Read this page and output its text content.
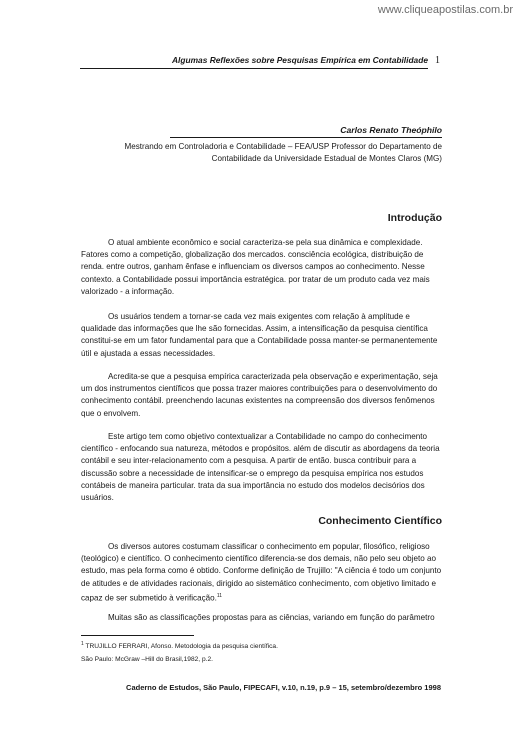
www.cliqueapostilas.com.br
Algumas Reflexões sobre Pesquisas Empírica em Contabilidade 1
Carlos Renato Theóphilo
Mestrando em Controladoria e Contabilidade – FEA/USP Professor do Departamento de
Contabilidade da Universidade Estadual de Montes Claros (MG)
Introdução
O atual ambiente econômico e social caracteriza-se pela sua dinâmica e complexidade.
Fatores como a competição, globalização dos mercados. consciência ecológica, distribuição de
renda. entre outros, ganham ênfase e influenciam os diversos campos ao conhecimento. Nesse
contexto. a Contabilidade possui importância estratégica. por tratar de um produto cada vez mais
valorizado - a informação.
Os usuários tendem a tornar-se cada vez mais exigentes com relação à amplitude e
qualidade das informações que lhe são fornecidas. Assim, a intensificação da pesquisa científica
constitui-se em um fator fundamental para que a Contabilidade possa manter-se permanentemente
útil e ajustada a essas necessidades.
Acredita-se que a pesquisa empírica caracterizada pela observação e experimentação, seja
um dos instrumentos científicos que possa trazer maiores contribuições para o desenvolvimento do
conhecimento contábil. preenchendo lacunas existentes na compreensão dos diversos fenômenos
que o envolvem.
Este artigo tem como objetivo contextualizar a Contabilidade no campo do conhecimento
científico - enfocando sua natureza, métodos e propósitos. além de discutir as abordagens da teoria
contábil e seu inter-relacionamento com a pesquisa. A partir de então. busca contribuir para a
discussão sobre a necessidade de intensificar-se o emprego da pesquisa empírica nos estudos
contábeis de maneira particular. trata da sua importância no estudo dos modelos decisórios dos
usuários.
Conhecimento Científico
Os diversos autores costumam classificar o conhecimento em popular, filosófico, religioso
(teológico) e científico. O conhecimento científico diferencia-se dos demais, não pelo seu objeto ao
estudo, mas pela forma como é obtido. Conforme definição de Trujillo: "A ciência é todo um conjunto
de atitudes e de atividades racionais, dirigido ao sistemático conhecimento, com objetivo limitado e
capaz de ser submetido à verificação.$^{11}$
Muitas são as classificações propostas para as ciências, variando em função do parâmetro
$^1$ TRUJILLO FERRARI, Afonso. Metodologia da pesquisa científica.
São Paulo: McGraw –Hill do Brasil,1982, p.2.
Caderno de Estudos, São Paulo, FIPECAFI, v.10, n.19, p.9 – 15, setembro/dezembro 1998
